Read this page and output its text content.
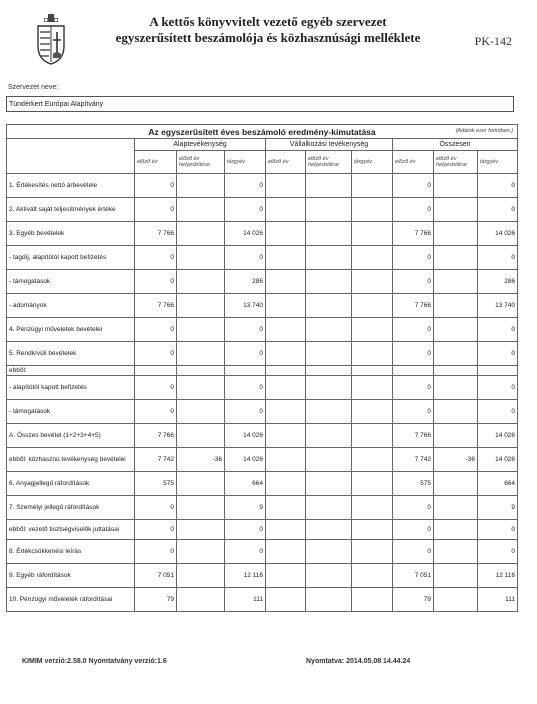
A kettős könyvvitelt vezető egyéb szervezet
egyszerűsített beszámolója és közhasznúsági melléklete	PK-142
Szervezet neve:
Tündérkert Európai Alapítvány
Az egyszerűsített éves beszámoló eredmény-kimutatása (Adatok ezer forintban.)									

	Alaptevékenység			Vállalkozási tevékenység			Összesen		
	előző év	előző év helyesbítése	tárgyév	előző év	előző év helyesbítése	tárgyév	előző év	előző év helyesbítése	tárgyév
1. Értékesítés nettó árbevétele	0		0				0		0
2. Aktivált saját teljesítmények értéke	0		0				0		0
3. Egyéb bevételek	7 766		14 026				7 766		14 026
- tagdíj, alapítótól kapott befizetés	0		0				0		0
- támogatások	0		286				0		286
- adományok	7 766		13 740				7 766		13 740
4. Pénzügyi műveletek bevételei	0		0				0		0
5. Rendkívüli bevételek	0		0				0		0
ebből:									
- alapítótól kapott befizetés	0		0				0		0
- támogatások	0		0				0		0
A. Összes bevétel (1+2+3+4+5)	7 766		14 026				7 766		14 026
ebből: közhasznú tevékenység bevételei	7 742	-36	14 026				7 742	-36	14 026
6. Anyagjellegű ráfordítások	575		664				575		664
7. Személyi jellegű ráfordítások	0		9				0		9
ebből: vezető tisztségviselők juttatásai	0		0				0		0
8. Értékcsökkenési leírás	0		0				0		0
9. Egyéb ráfordítások	7 051		12 116				7 051		12 116
10. Pénzügyi műveletek ráfordításai	79		111				79		111
KIMIM verzió:2.58.0 Nyomtatvány verzió:1.6	Nyomtatva: 2014.05.08 14.44.24
